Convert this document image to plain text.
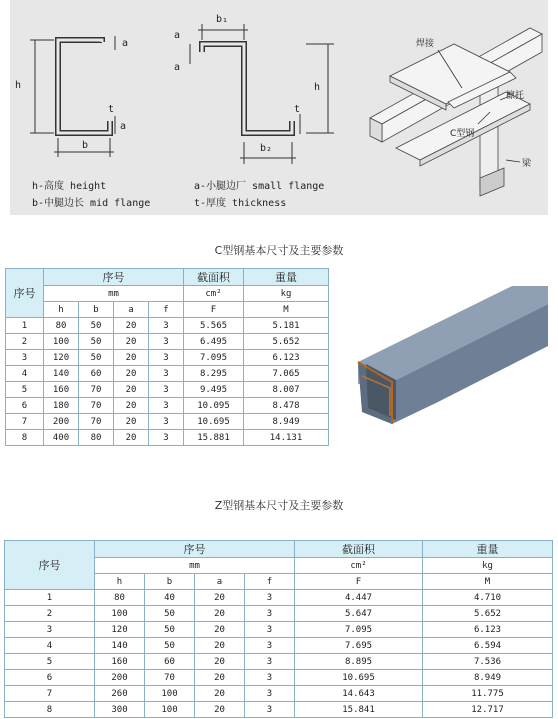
h
a
t
a
b
b₁
a
a
t
h
b₂
h-高度 height	a-小腿边厂 small flange
b-中腿边长 mid flange	t-厚度 thickness
焊接
檩托
C型钢
梁
C型钢基本尺寸及主要参数
序号	序号				截面积	重量
	mm				cm²	kg
	h	b	a	f	F	M
1	80	50	20	3	5.565	5.181
2	100	50	20	3	6.495	5.652
3	120	50	20	3	7.095	6.123
4	140	60	20	3	8.295	7.065
5	160	70	20	3	9.495	8.007
6	180	70	20	3	10.095	8.478
7	200	70	20	3	10.695	8.949
8	400	80	20	3	15.881	14.131
Z型钢基本尺寸及主要参数
序号	序号				截面积	重量
	mm				cm²	kg
	h	b	a	f	F	M
1	80	40	20	3	4.447	4.710
2	100	50	20	3	5.647	5.652
3	120	50	20	3	7.095	6.123
4	140	50	20	3	7.695	6.594
5	160	60	20	3	8.895	7.536
6	200	70	20	3	10.695	8.949
7	260	100	20	3	14.643	11.775
8	300	100	20	3	15.841	12.717
